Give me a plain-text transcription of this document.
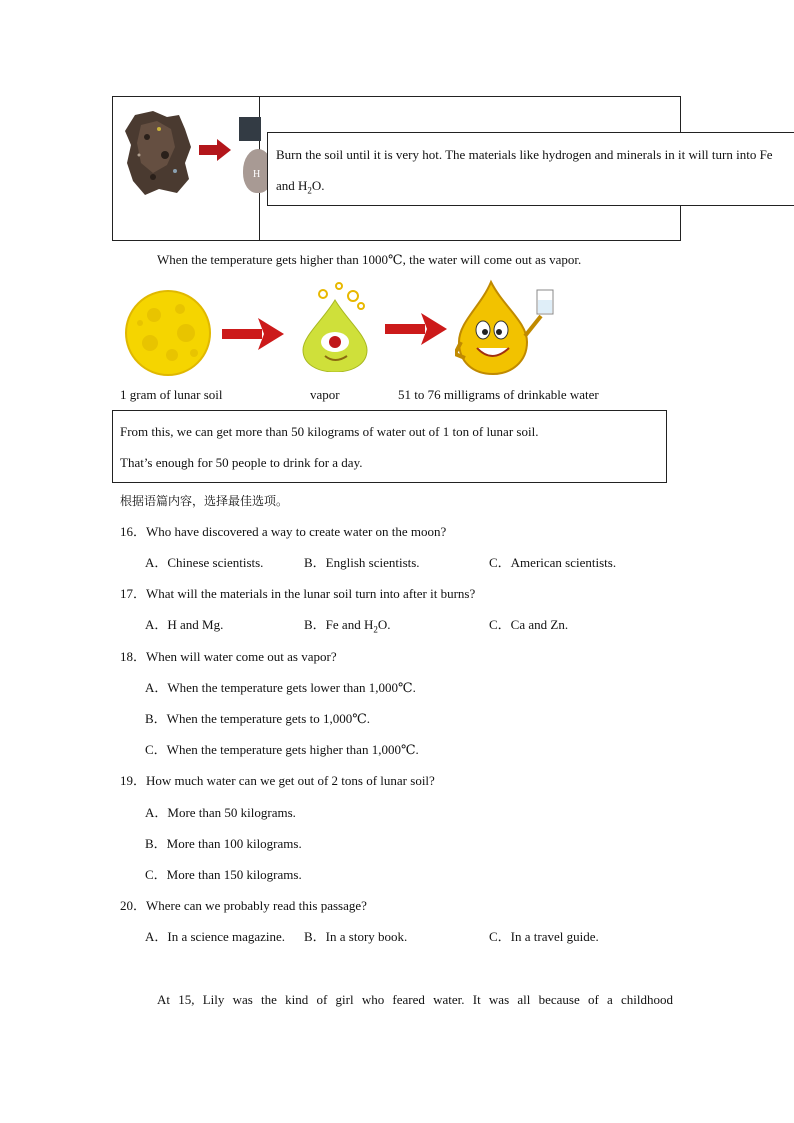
H
Burn the soil until it is very hot. The materials like hydrogen and minerals in it will turn into Fe
and $H_2O$.
When the temperature gets higher than 1000℃, the water will come out as vapor.
1 gram of lunar soil	vapor	51 to 76 milligrams of drinkable water
From this, we can get more than 50 kilograms of water out of 1 ton of lunar soil.
That’s enough for 50 people to drink for a day.
根据语篇内容，选择最佳选项。
16．Who have discovered a way to create water on the moon?
A．Chinese scientists.	B．English scientists.	C．American scientists.
17．What will the materials in the lunar soil turn into after it burns?
A．H and Mg.	B．Fe and $H_2O$.	C．Ca and Zn.
18．When will water come out as vapor?
A．When the temperature gets lower than 1,000℃.
B．When the temperature gets to 1,000℃.
C．When the temperature gets higher than 1,000℃.
19．How much water can we get out of 2 tons of lunar soil?
A．More than 50 kilograms.
B．More than 100 kilograms.
C．More than 150 kilograms.
20．Where can we probably read this passage?
A．In a science magazine. B．In a story book.	C．In a travel guide.
At 15, Lily was the kind of girl who feared water. It was all because of a childhood
